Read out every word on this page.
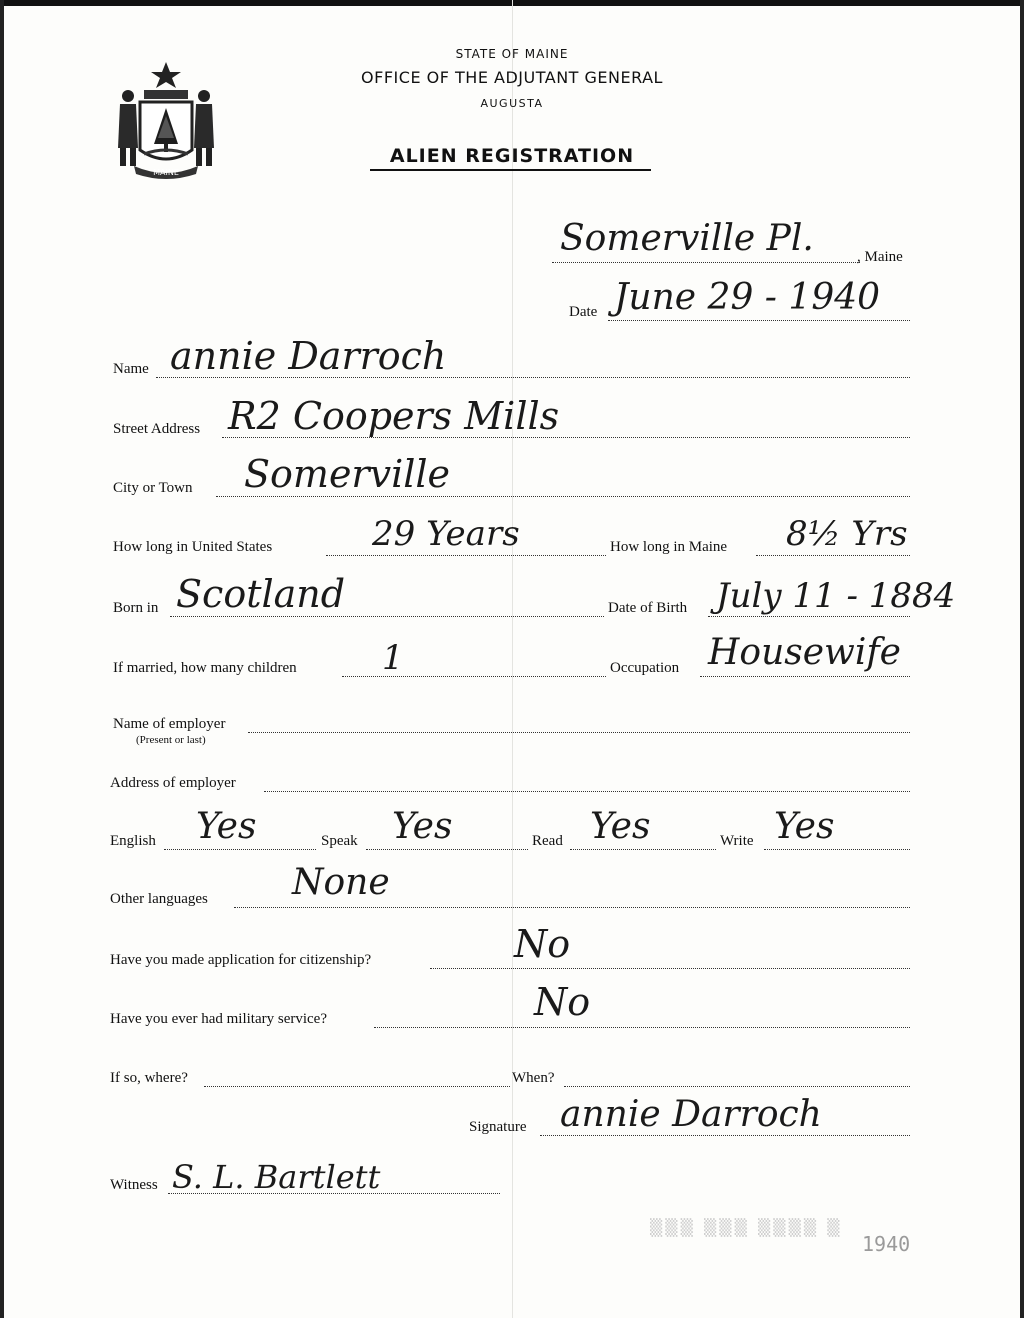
MAINE
STATE OF MAINE
OFFICE OF THE ADJUTANT GENERAL
AUGUSTA
ALIEN REGISTRATION
Somerville Pl.	, Maine
Date June 29 - 1940
Name annie Darroch
Street Address R2 Coopers Mills
City or Town Somerville
How long in United States	29 Years	How long in Maine 8½ Yrs
Born in Scotland	Date of Birth July 11 - 1884
If married, how many children	1	Occupation Housewife
Name of employer
(Present or last)
Address of employer
English Yes	Speak Yes	Read Yes	Write Yes
Other languages None
Have you made application for citizenship?	No
Have you ever had military service?	No
If so, where?	When?
Signature annie Darroch
Witness S. L. Bartlett
▒▒▒ ▒▒▒ ▒▒▒▒ ▒
1940
